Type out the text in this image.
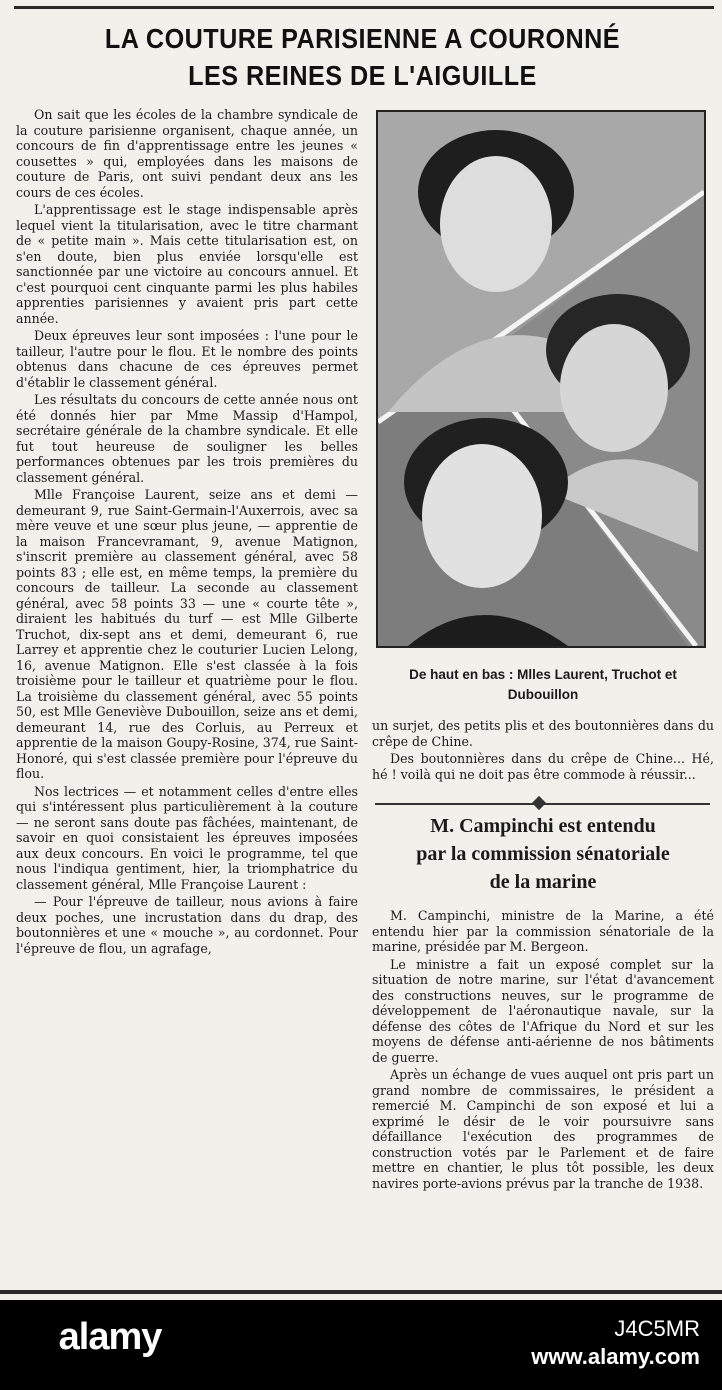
LA COUTURE PARISIENNE A COURONNÉ
LES REINES DE L'AIGUILLE

On sait que les écoles de la chambre syndicale de la couture parisienne organisent, chaque année, un concours de fin d'apprentissage entre les jeunes « cousettes » qui, employées dans les maisons de couture de Paris, ont suivi pendant deux ans les cours de ces écoles.

L'apprentissage est le stage indispensable après lequel vient la titularisation, avec le titre charmant de « petite main ». Mais cette titularisation est, on s'en doute, bien plus enviée lorsqu'elle est sanctionnée par une victoire au concours annuel. Et c'est pourquoi cent cinquante parmi les plus habiles apprenties parisiennes y avaient pris part cette année.

Deux épreuves leur sont imposées : l'une pour le tailleur, l'autre pour le flou. Et le nombre des points obtenus dans chacune de ces épreuves permet d'établir le classement général.

Les résultats du concours de cette année nous ont été donnés hier par Mme Massip d'Hampol, secrétaire générale de la chambre syndicale. Et elle fut tout heureuse de souligner les belles performances obtenues par les trois premières du classement général.

Mlle Françoise Laurent, seize ans et demi — demeurant 9, rue Saint-Germain-l'Auxerrois, avec sa mère veuve et une sœur plus jeune, — apprentie de la maison Francevramant, 9, avenue Matignon, s'inscrit première au classement général, avec 58 points 83 ; elle est, en même temps, la première du concours de tailleur. La seconde au classement général, avec 58 points 33 — une « courte tête », diraient les habitués du turf — est Mlle Gilberte Truchot, dix-sept ans et demi, demeurant 6, rue Larrey et apprentie chez le couturier Lucien Lelong, 16, avenue Matignon. Elle s'est classée à la fois troisième pour le tailleur et quatrième pour le flou. La troisième du classement général, avec 55 points 50, est Mlle Geneviève Dubouillon, seize ans et demi, demeurant 14, rue des Corluis, au Perreux et apprentie de la maison Goupy-Rosine, 374, rue Saint-Honoré, qui s'est classée première pour l'épreuve du flou.

Nos lectrices — et notamment celles d'entre elles qui s'intéressent plus particulièrement à la couture — ne seront sans doute pas fâchées, maintenant, de savoir en quoi consistaient les épreuves imposées aux deux concours. En voici le programme, tel que nous l'indiqua gentiment, hier, la triomphatrice du classement général, Mlle Françoise Laurent :

— Pour l'épreuve de tailleur, nous avions à faire deux poches, une incrustation dans du drap, des boutonnières et une « mouche », au cordonnet. Pour l'épreuve de flou, un agrafage,

De haut en bas : Mlles Laurent, Truchot et Dubouillon

un surjet, des petits plis et des boutonnières dans du crêpe de Chine.

Des boutonnières dans du crêpe de Chine... Hé, hé ! voilà qui ne doit pas être commode à réussir...

M. Campinchi est entendu
par la commission sénatoriale
de la marine

M. Campinchi, ministre de la Marine, a été entendu hier par la commission sénatoriale de la marine, présidée par M. Bergeon.

Le ministre a fait un exposé complet sur la situation de notre marine, sur l'état d'avancement des constructions neuves, sur le programme de développement de l'aéronautique navale, sur la défense des côtes de l'Afrique du Nord et sur les moyens de défense anti-aérienne de nos bâtiments de guerre.

Après un échange de vues auquel ont pris part un grand nombre de commissaires, le président a remercié M. Campinchi de son exposé et lui a exprimé le désir de le voir poursuivre sans défaillance l'exécution des programmes de construction votés par le Parlement et de faire mettre en chantier, le plus tôt possible, les deux navires porte-avions prévus par la tranche de 1938.

alamy	J4C5MR
www.alamy.com
